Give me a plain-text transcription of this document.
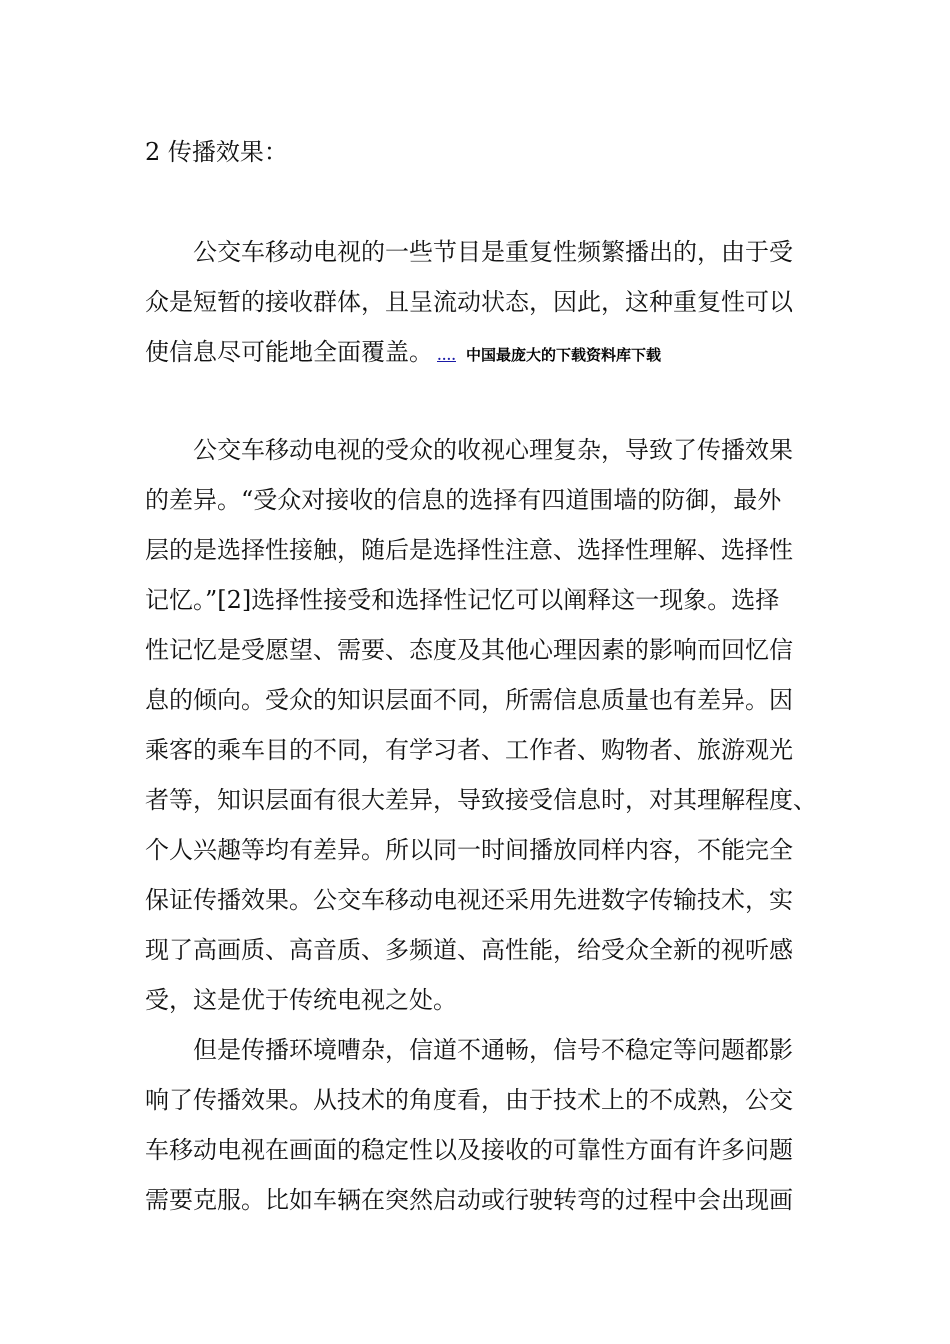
2 传播效果：
公交车移动电视的一些节目是重复性频繁播出的，由于受
众是短暂的接收群体，且呈流动状态，因此，这种重复性可以
使信息尽可能地全面覆盖。 .... 中国最庞大的下载资料库下载
公交车移动电视的受众的收视心理复杂，导致了传播效果
的差异。“受众对接收的信息的选择有四道围墙的防御，最外
层的是选择性接触，随后是选择性注意、选择性理解、选择性
记忆。”[2]选择性接受和选择性记忆可以阐释这一现象。选择
性记忆是受愿望、需要、态度及其他心理因素的影响而回忆信
息的倾向。受众的知识层面不同，所需信息质量也有差异。因
乘客的乘车目的不同，有学习者、工作者、购物者、旅游观光
者等，知识层面有很大差异，导致接受信息时，对其理解程度、
个人兴趣等均有差异。所以同一时间播放同样内容，不能完全
保证传播效果。公交车移动电视还采用先进数字传输技术，实
现了高画质、高音质、多频道、高性能，给受众全新的视听感
受，这是优于传统电视之处。
但是传播环境嘈杂，信道不通畅，信号不稳定等问题都影
响了传播效果。从技术的角度看，由于技术上的不成熟，公交
车移动电视在画面的稳定性以及接收的可靠性方面有许多问题
需要克服。比如车辆在突然启动或行驶转弯的过程中会出现画
